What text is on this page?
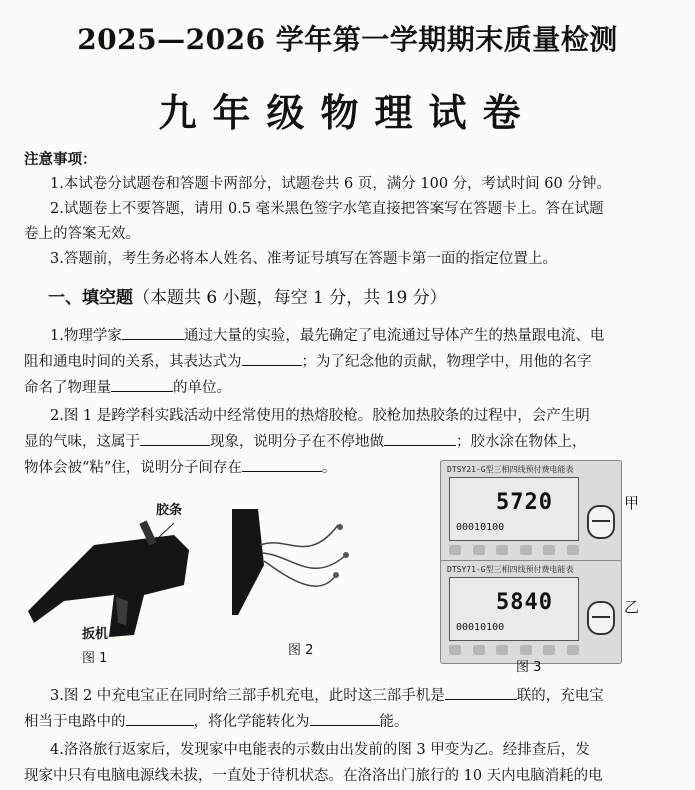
2025—2026 学年第一学期期末质量检测
九年级物理试卷
注意事项：
1.本试卷分试题卷和答题卡两部分，试题卷共 6 页，满分 100 分，考试时间 60 分钟。
2.试题卷上不要答题，请用 0.5 毫米黑色签字水笔直接把答案写在答题卡上。答在试题
卷上的答案无效。
3.答题前，考生务必将本人姓名、准考证号填写在答题卡第一面的指定位置上。
一、填空题（本题共 6 小题，每空 1 分，共 19 分）
1.物理学家	通过大量的实验，最先确定了电流通过导体产生的热量跟电流、电
阻和通电时间的关系，其表达式为	；为了纪念他的贡献，物理学中，用他的名字
命名了物理量	的单位。
2.图 1 是跨学科实践活动中经常使用的热熔胶枪。胶枪加热胶条的过程中，会产生明
显的气味，这属于	现象，说明分子在不停地做	；胶水涂在物体上，
物体会被“粘”住，说明分子间存在	。
胶条
扳机
图 1
图 2
DTSY21-G型三相四线预付费电能表
5720
00010100
甲
DTSY71-G型三相四线预付费电能表
5840
00010100
乙
图 3
3.图 2 中充电宝正在同时给三部手机充电，此时这三部手机是	联的，充电宝
相当于电路中的	，将化学能转化为	能。
4.洛洛旅行返家后，发现家中电能表的示数由出发前的图 3 甲变为乙。经排查后，发
现家中只有电脑电源线未拔，一直处于待机状态。在洛洛出门旅行的 10 天内电脑消耗的电
